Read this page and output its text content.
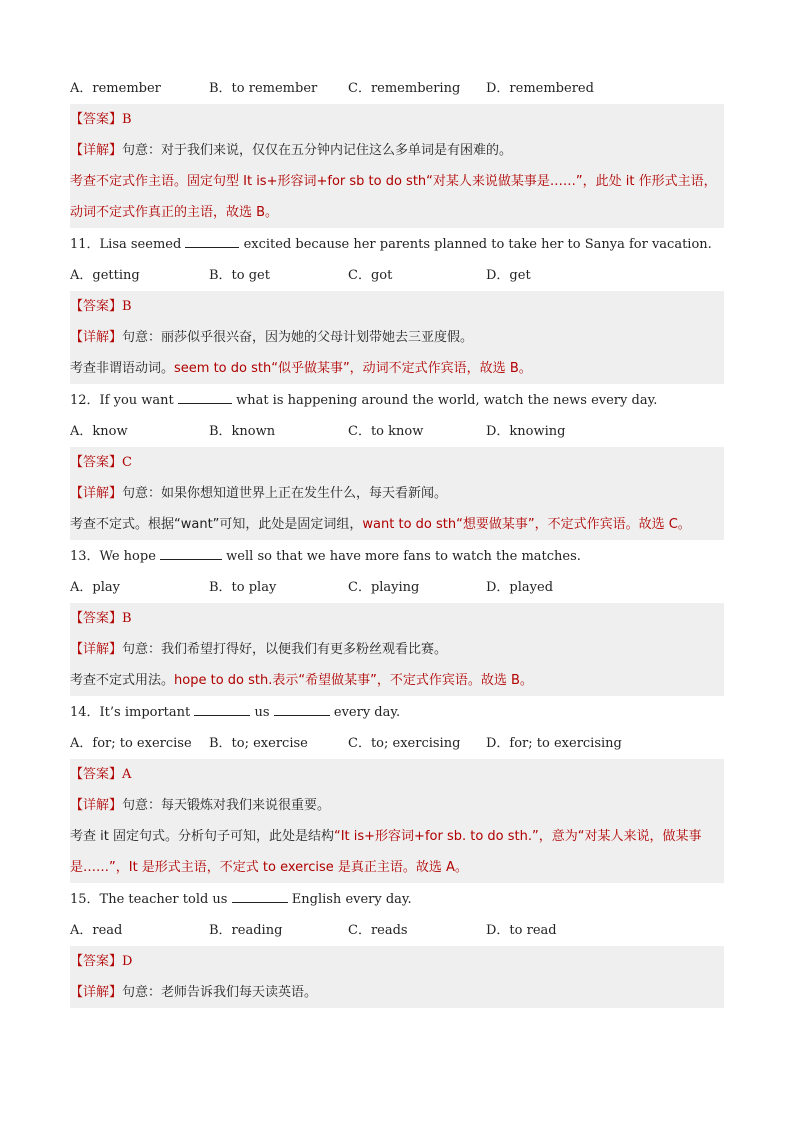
A．remember	B．to remember C．remembering D．remembered
【答案】B
【详解】句意：对于我们来说，仅仅在五分钟内记住这么多单词是有困难的。
考查不定式作主语。固定句型 It is+形容词+for sb to do sth“对某人来说做某事是……”，此处 it 作形式主语，
动词不定式作真正的主语，故选 B。
11．Lisa seemed	excited because her parents planned to take her to Sanya for vacation.
A．getting	B．to get	C．got	D．get
【答案】B
【详解】句意：丽莎似乎很兴奋，因为她的父母计划带她去三亚度假。
考查非谓语动词。seem to do sth“似乎做某事”，动词不定式作宾语，故选 B。
12．If you want	what is happening around the world, watch the news every day.
A．know	B．known	C．to know	D．knowing
【答案】C
【详解】句意：如果你想知道世界上正在发生什么，每天看新闻。
考查不定式。根据“want”可知，此处是固定词组，want to do sth“想要做某事”，不定式作宾语。故选 C。
13．We hope	well so that we have more fans to watch the matches.
A．play	B．to play	C．playing	D．played
【答案】B
【详解】句意：我们希望打得好，以便我们有更多粉丝观看比赛。
考查不定式用法。hope to do sth.表示“希望做某事”，不定式作宾语。故选 B。
14．It’s important	us	every day.
A．for; to exercise B．to; exercise	C．to; exercising D．for; to exercising
【答案】A
【详解】句意：每天锻炼对我们来说很重要。
考查 it 固定句式。分析句子可知，此处是结构“It is+形容词+for sb. to do sth.”，意为“对某人来说，做某事
是……”，It 是形式主语，不定式 to exercise 是真正主语。故选 A。
15．The teacher told us	English every day.
A．read	B．reading	C．reads	D．to read
【答案】D
【详解】句意：老师告诉我们每天读英语。
